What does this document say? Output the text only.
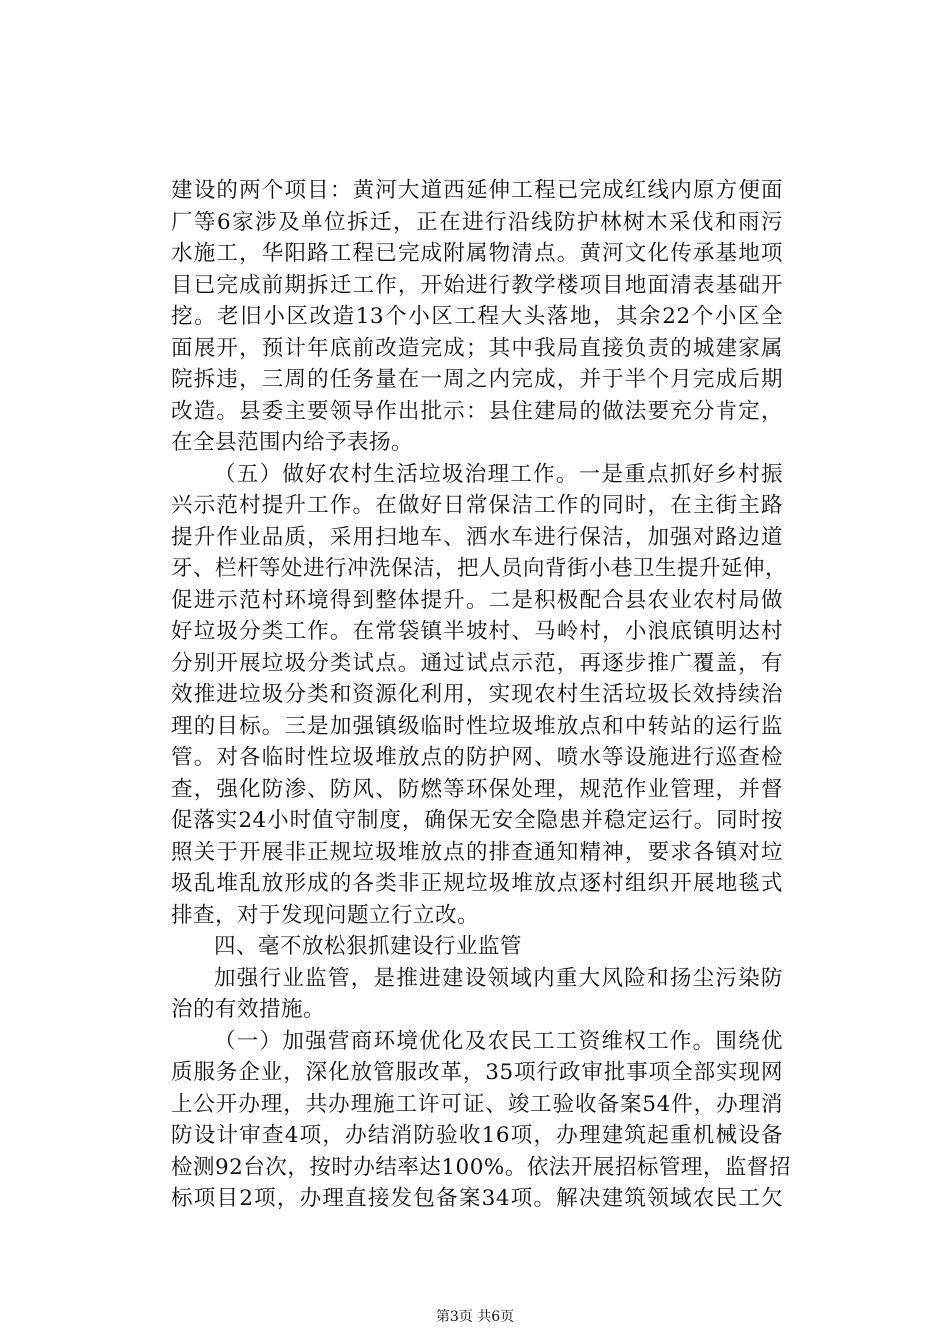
建设的两个项目：黄河大道西延伸工程已完成红线内原方便面
厂等6家涉及单位拆迁，正在进行沿线防护林树木采伐和雨污
水施工，华阳路工程已完成附属物清点。黄河文化传承基地项
目已完成前期拆迁工作，开始进行教学楼项目地面清表基础开
挖。老旧小区改造13个小区工程大头落地，其余22个小区全
面展开，预计年底前改造完成；其中我局直接负责的城建家属
院拆违，三周的任务量在一周之内完成，并于半个月完成后期
改造。县委主要领导作出批示：县住建局的做法要充分肯定，
在全县范围内给予表扬。
（五）做好农村生活垃圾治理工作。一是重点抓好乡村振
兴示范村提升工作。在做好日常保洁工作的同时，在主街主路
提升作业品质，采用扫地车、洒水车进行保洁，加强对路边道
牙、栏杆等处进行冲洗保洁，把人员向背街小巷卫生提升延伸，
促进示范村环境得到整体提升。二是积极配合县农业农村局做
好垃圾分类工作。在常袋镇半坡村、马岭村，小浪底镇明达村
分别开展垃圾分类试点。通过试点示范，再逐步推广覆盖，有
效推进垃圾分类和资源化利用，实现农村生活垃圾长效持续治
理的目标。三是加强镇级临时性垃圾堆放点和中转站的运行监
管。对各临时性垃圾堆放点的防护网、喷水等设施进行巡查检
查，强化防渗、防风、防燃等环保处理，规范作业管理，并督
促落实24小时值守制度，确保无安全隐患并稳定运行。同时按
照关于开展非正规垃圾堆放点的排查通知精神，要求各镇对垃
圾乱堆乱放形成的各类非正规垃圾堆放点逐村组织开展地毯式
排查，对于发现问题立行立改。
四、毫不放松狠抓建设行业监管
加强行业监管，是推进建设领域内重大风险和扬尘污染防
治的有效措施。
（一）加强营商环境优化及农民工工资维权工作。围绕优
质服务企业，深化放管服改革，35项行政审批事项全部实现网
上公开办理，共办理施工许可证、竣工验收备案54件，办理消
防设计审查4项，办结消防验收16项，办理建筑起重机械设备
检测92台次，按时办结率达100%。依法开展招标管理，监督招
标项目2项，办理直接发包备案34项。解决建筑领域农民工欠
第3页 共6页
